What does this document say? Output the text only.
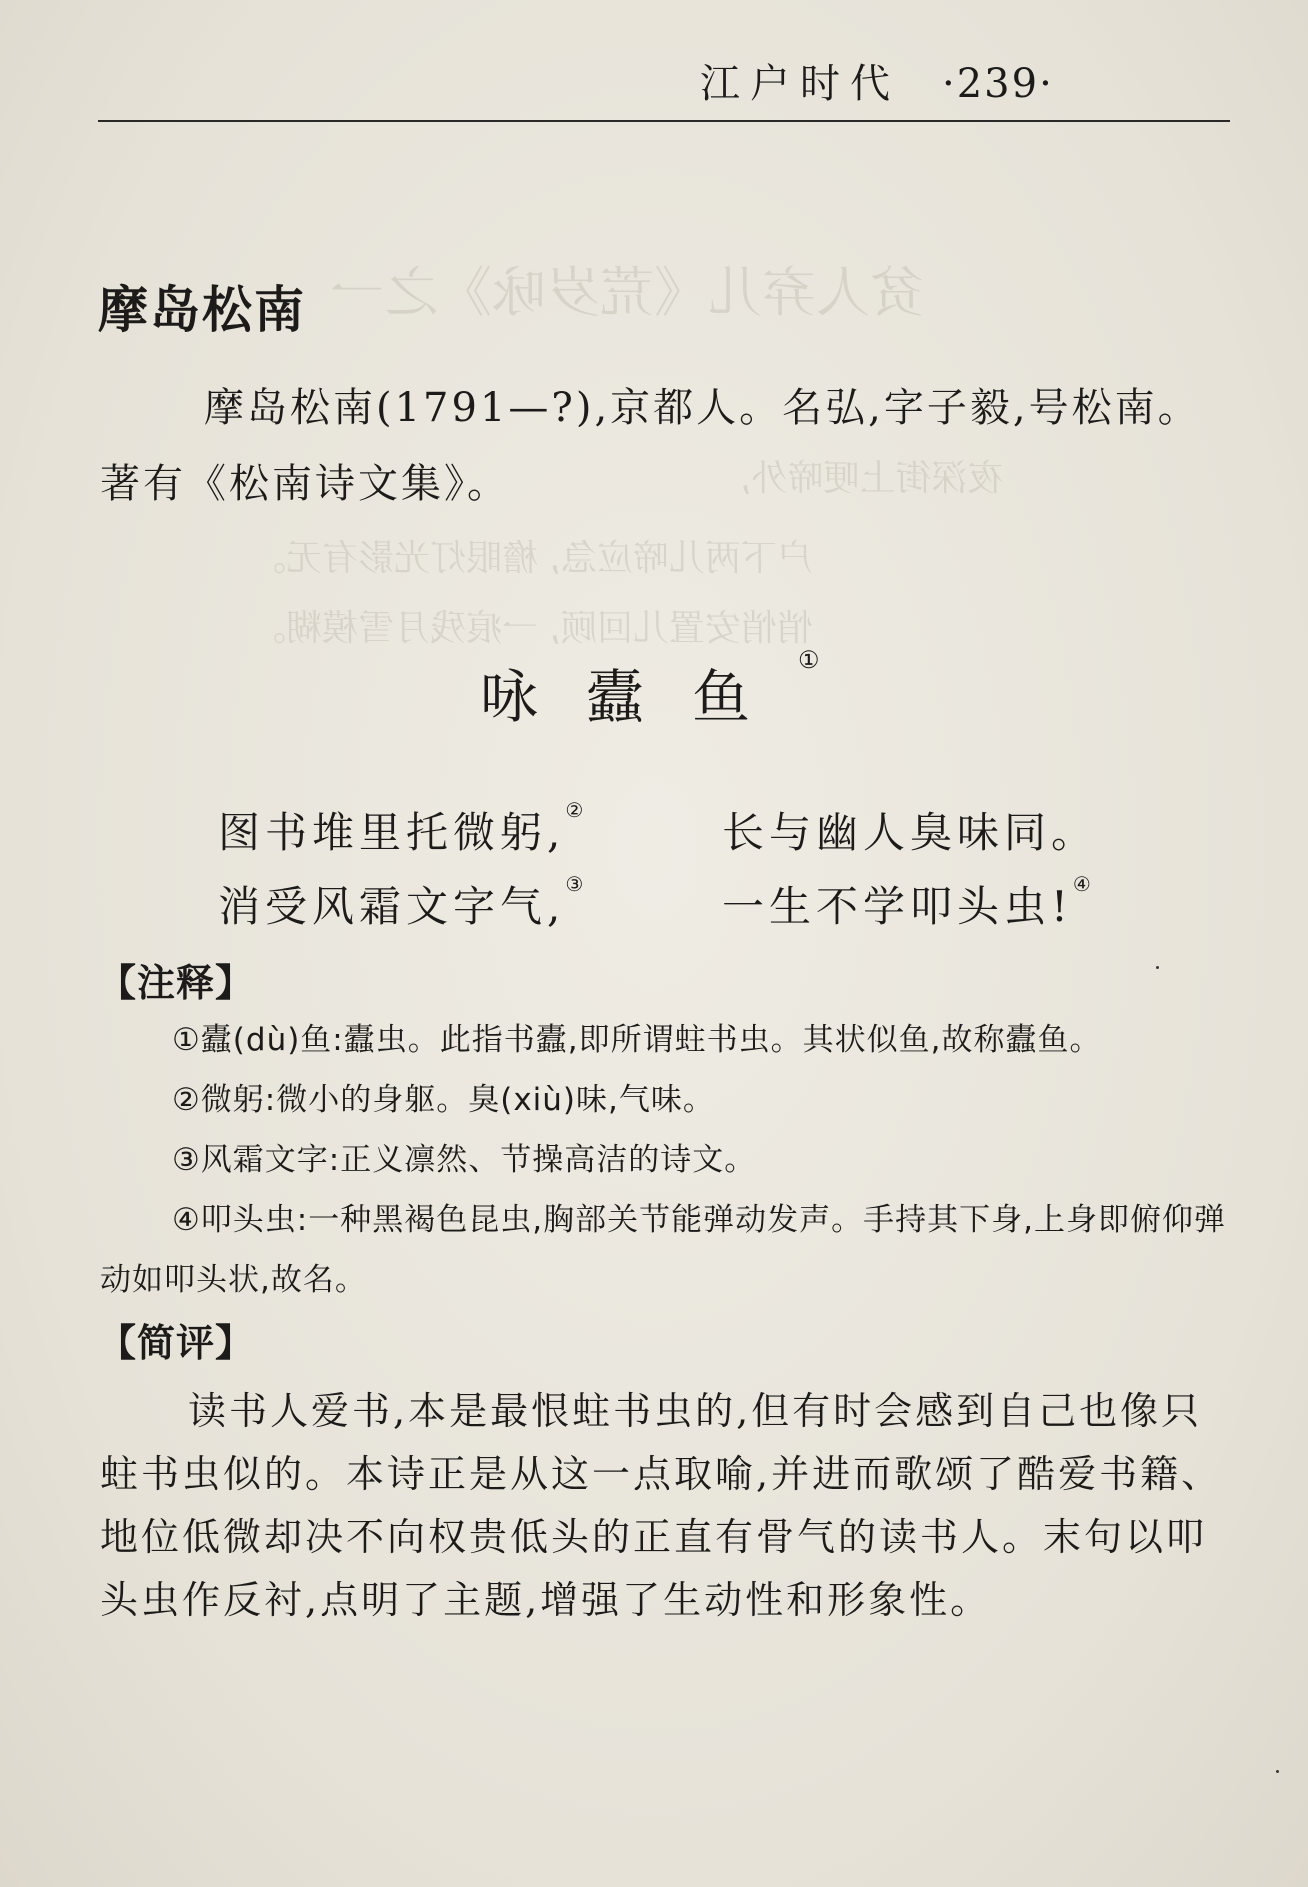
贫人弃儿《荒岁咏》之一
夜深街上哽啼外,
户下两儿啼应急, 檐眼灯光影有无。
悄悄安置儿回顾, 一痕残月雪模糊。
江户时代 ·239·
摩岛松南
摩岛松南(1791—?),京都人。名弘,字子毅,号松南。著有《松南诗文集》。
咏蠹鱼①
图书堆里托微躬,②	长与幽人臭味同。
消受风霜文字气,③	一生不学叩头虫!④
【注释】
①蠹(dù)鱼:蠹虫。此指书蠹,即所谓蛀书虫。其状似鱼,故称蠹鱼。
②微躬:微小的身躯。臭(xiù)味,气味。
③风霜文字:正义凛然、节操高洁的诗文。
④叩头虫:一种黑褐色昆虫,胸部关节能弹动发声。手持其下身,上身即俯仰弹动如叩头状,故名。
【简评】
读书人爱书,本是最恨蛀书虫的,但有时会感到自己也像只蛀书虫似的。本诗正是从这一点取喻,并进而歌颂了酷爱书籍、地位低微却决不向权贵低头的正直有骨气的读书人。末句以叩头虫作反衬,点明了主题,增强了生动性和形象性。
